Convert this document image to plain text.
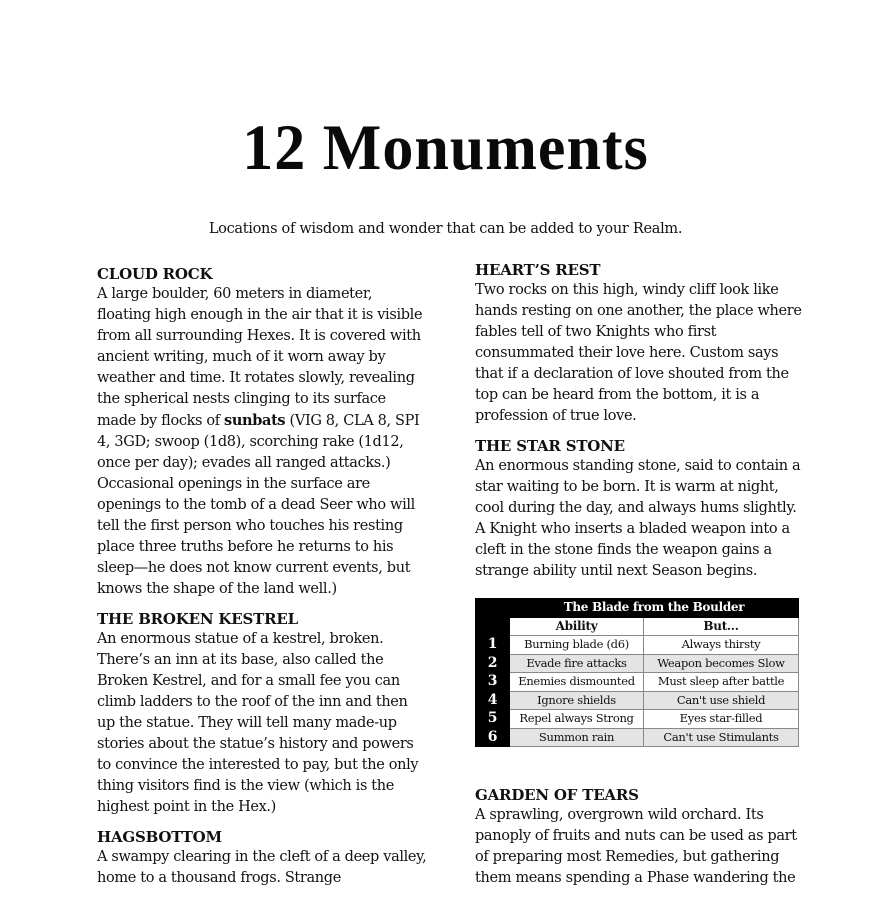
12 Monuments
Locations of wisdom and wonder that can be added to your Realm.
CLOUD ROCK

A large boulder, 60 meters in diameter, floating high enough in the air that it is visible from all surrounding Hexes. It is covered with ancient writing, much of it worn away by weather and time. It rotates slowly, revealing the spherical nests clinging to its surface made by flocks of sunbats (VIG 8, CLA 8, SPI 4, 3GD; swoop (1d8), scorching rake (1d12, once per day); evades all ranged attacks.) Occasional openings in the surface are openings to the tomb of a dead Seer who will tell the first person who touches his resting place three truths before he returns to his sleep—he does not know current events, but knows the shape of the land well.)

THE BROKEN KESTREL

An enormous statue of a kestrel, broken. There’s an inn at its base, also called the Broken Kestrel, and for a small fee you can climb ladders to the roof of the inn and then up the statue. They will tell many made-up stories about the statue’s history and powers to convince the interested to pay, but the only thing visitors find is the view (which is the highest point in the Hex.)

HAGSBOTTOM

A swampy clearing in the cleft of a deep valley, home to a thousand frogs. Strange

HEART’S REST

Two rocks on this high, windy cliff look like hands resting on one another, the place where fables tell of two Knights who first consummated their love here. Custom says that if a declaration of love shouted from the top can be heard from the bottom, it is a profession of true love.

THE STAR STONE

An enormous standing stone, said to contain a star waiting to be born. It is warm at night, cool during the day, and always hums slightly. A Knight who inserts a bladed weapon into a cleft in the stone finds the weapon gains a strange ability until next Season begins.

	The Blade from the Boulder	
	Ability	But...
1	Burning blade (d6)	Always thirsty
2	Evade fire attacks	Weapon becomes Slow
3	Enemies dismounted	Must sleep after battle
4	Ignore shields	Can't use shield
5	Repel always Strong	Eyes star-filled
6	Summon rain	Can't use Stimulants
GARDEN OF TEARS

A sprawling, overgrown wild orchard. Its panoply of fruits and nuts can be used as part of preparing most Remedies, but gathering them means spending a Phase wandering the
